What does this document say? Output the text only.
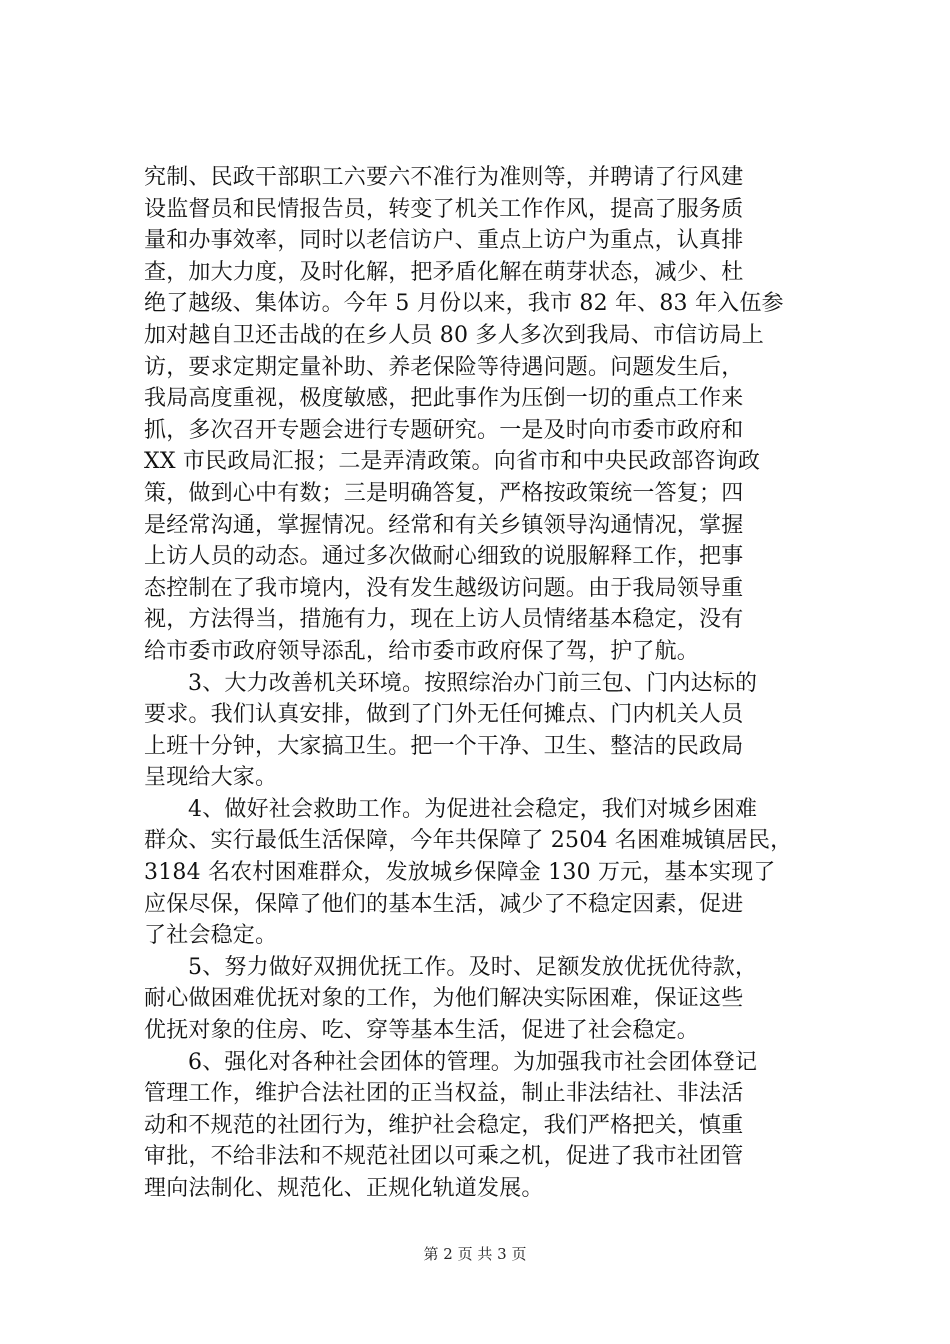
究制、民政干部职工六要六不准行为准则等，并聘请了行风建
设监督员和民情报告员，转变了机关工作作风，提高了服务质
量和办事效率，同时以老信访户、重点上访户为重点，认真排
查，加大力度，及时化解，把矛盾化解在萌芽状态，减少、杜
绝了越级、集体访。今年 5 月份以来，我市 82 年、83 年入伍参
加对越自卫还击战的在乡人员 80 多人多次到我局、市信访局上
访，要求定期定量补助、养老保险等待遇问题。问题发生后，
我局高度重视，极度敏感，把此事作为压倒一切的重点工作来
抓，多次召开专题会进行专题研究。一是及时向市委市政府和
XX 市民政局汇报；二是弄清政策。向省市和中央民政部咨询政
策，做到心中有数；三是明确答复，严格按政策统一答复；四
是经常沟通，掌握情况。经常和有关乡镇领导沟通情况，掌握
上访人员的动态。通过多次做耐心细致的说服解释工作，把事
态控制在了我市境内，没有发生越级访问题。由于我局领导重
视，方法得当，措施有力，现在上访人员情绪基本稳定，没有
给市委市政府领导添乱，给市委市政府保了驾，护了航。
3、大力改善机关环境。按照综治办门前三包、门内达标的
要求。我们认真安排，做到了门外无任何摊点、门内机关人员
上班十分钟，大家搞卫生。把一个干净、卫生、整洁的民政局
呈现给大家。
4、做好社会救助工作。为促进社会稳定，我们对城乡困难
群众、实行最低生活保障，今年共保障了 2504 名困难城镇居民，
3184 名农村困难群众，发放城乡保障金 130 万元，基本实现了
应保尽保，保障了他们的基本生活，减少了不稳定因素，促进
了社会稳定。
5、努力做好双拥优抚工作。及时、足额发放优抚优待款，
耐心做困难优抚对象的工作，为他们解决实际困难，保证这些
优抚对象的住房、吃、穿等基本生活，促进了社会稳定。
6、强化对各种社会团体的管理。为加强我市社会团体登记
管理工作，维护合法社团的正当权益，制止非法结社、非法活
动和不规范的社团行为，维护社会稳定，我们严格把关，慎重
审批，不给非法和不规范社团以可乘之机，促进了我市社团管
理向法制化、规范化、正规化轨道发展。
第 2 页 共 3 页
